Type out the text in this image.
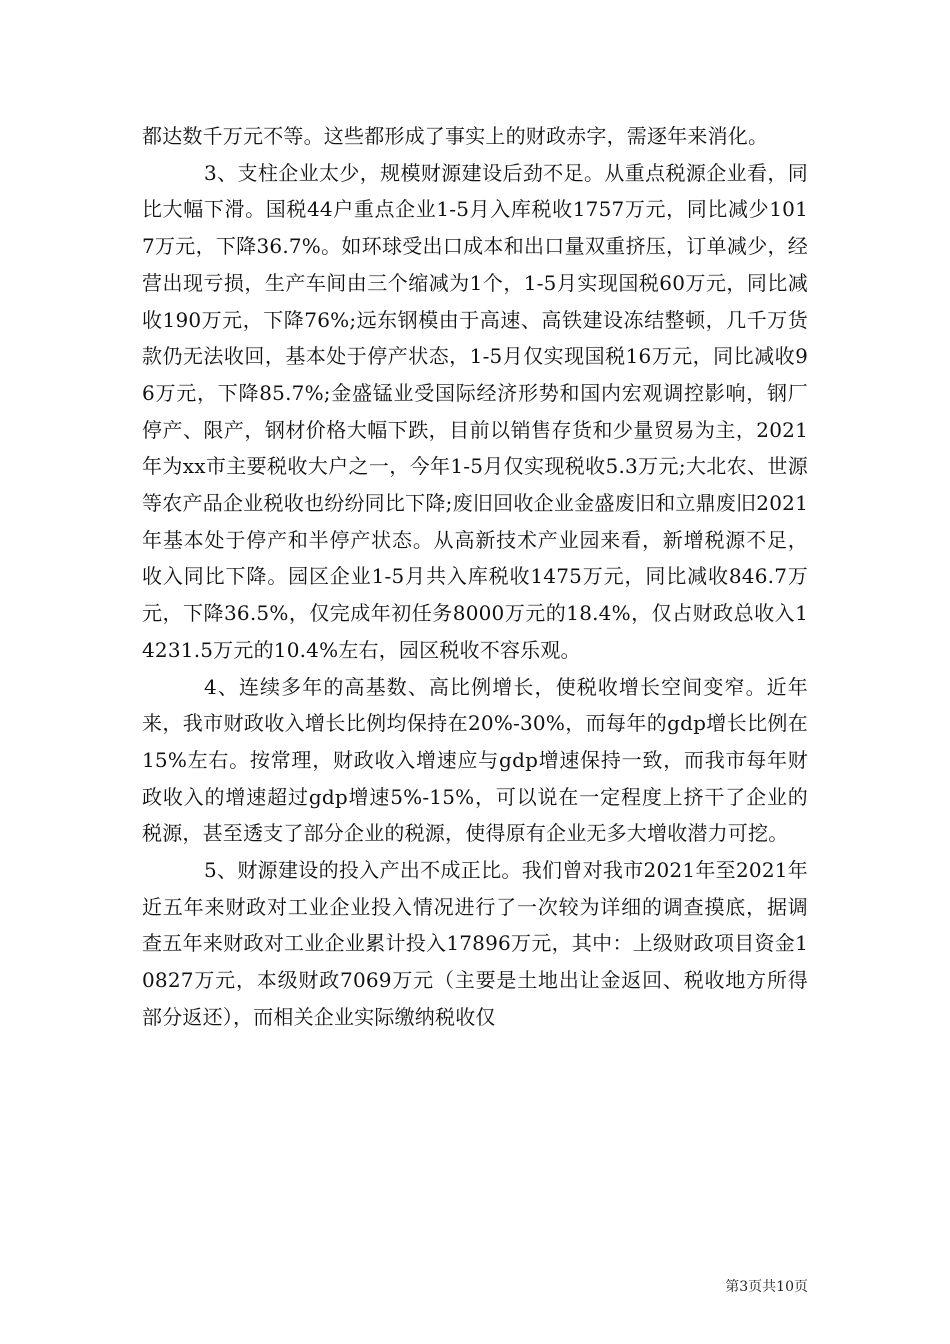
都达数千万元不等。这些都形成了事实上的财政赤字，需逐年来消化。

3、支柱企业太少，规模财源建设后劲不足。从重点税源企业看，同比大幅下滑。国税44户重点企业1-5月入库税收1757万元，同比减少1017万元，下降36.7%。如环球受出口成本和出口量双重挤压，订单减少，经营出现亏损，生产车间由三个缩减为1个，1-5月实现国税60万元，同比减收190万元，下降76%;远东钢模由于高速、高铁建设冻结整顿，几千万货款仍无法收回，基本处于停产状态，1-5月仅实现国税16万元，同比减收96万元，下降85.7%;金盛锰业受国际经济形势和国内宏观调控影响，钢厂停产、限产，钢材价格大幅下跌，目前以销售存货和少量贸易为主，2021年为xx市主要税收大户之一，今年1-5月仅实现税收5.3万元;大北农、世源等农产品企业税收也纷纷同比下降;废旧回收企业金盛废旧和立鼎废旧2021年基本处于停产和半停产状态。从高新技术产业园来看，新增税源不足，收入同比下降。园区企业1-5月共入库税收1475万元，同比减收846.7万元，下降36.5%，仅完成年初任务8000万元的18.4%，仅占财政总收入14231.5万元的10.4%左右，园区税收不容乐观。

4、连续多年的高基数、高比例增长，使税收增长空间变窄。近年来，我市财政收入增长比例均保持在20%-30%，而每年的gdp增长比例在15%左右。按常理，财政收入增速应与gdp增速保持一致，而我市每年财政收入的增速超过gdp增速5%-15%，可以说在一定程度上挤干了企业的税源，甚至透支了部分企业的税源，使得原有企业无多大增收潜力可挖。

5、财源建设的投入产出不成正比。我们曾对我市2021年至2021年近五年来财政对工业企业投入情况进行了一次较为详细的调查摸底，据调查五年来财政对工业企业累计投入17896万元，其中：上级财政项目资金10827万元，本级财政7069万元（主要是土地出让金返回、税收地方所得部分返还），而相关企业实际缴纳税收仅

第3页共10页
